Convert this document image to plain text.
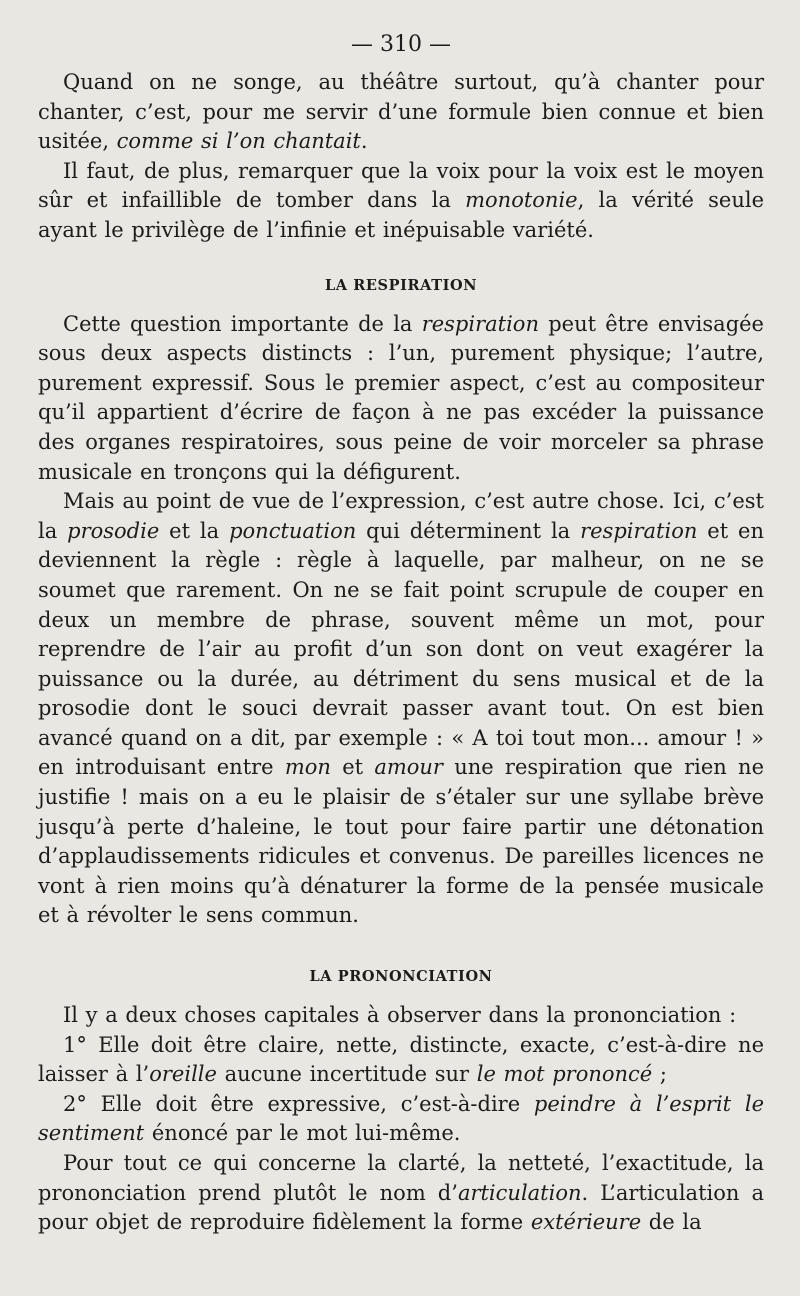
— 310 —

Quand on ne songe, au théâtre surtout, qu’à chanter pour chanter, c’est, pour me servir d’une formule bien connue et bien usitée, comme si l’on chantait.

Il faut, de plus, remarquer que la voix pour la voix est le moyen sûr et infaillible de tomber dans la monotonie, la vérité seule ayant le privilège de l’infinie et inépuisable variété.

LA RESPIRATION

Cette question importante de la respiration peut être envisagée sous deux aspects distincts : l’un, purement physique; l’autre, purement expressif. Sous le premier aspect, c’est au compositeur qu’il appartient d’écrire de façon à ne pas excéder la puissance des organes respiratoires, sous peine de voir morceler sa phrase musicale en tronçons qui la défigurent.

Mais au point de vue de l’expression, c’est autre chose. Ici, c’est la prosodie et la ponctuation qui déterminent la respiration et en deviennent la règle : règle à laquelle, par malheur, on ne se soumet que rarement. On ne se fait point scrupule de couper en deux un membre de phrase, souvent même un mot, pour reprendre de l’air au profit d’un son dont on veut exagérer la puissance ou la durée, au détriment du sens musical et de la prosodie dont le souci devrait passer avant tout. On est bien avancé quand on a dit, par exemple : « A toi tout mon... amour ! » en introduisant entre mon et amour une respiration que rien ne justifie ! mais on a eu le plaisir de s’étaler sur une syllabe brève jusqu’à perte d’haleine, le tout pour faire partir une détonation d’applaudissements ridicules et convenus. De pareilles licences ne vont à rien moins qu’à dénaturer la forme de la pensée musicale et à révolter le sens commun.

LA PRONONCIATION

Il y a deux choses capitales à observer dans la prononciation :

1° Elle doit être claire, nette, distincte, exacte, c’est-à-dire ne laisser à l’oreille aucune incertitude sur le mot prononcé ;

2° Elle doit être expressive, c’est-à-dire peindre à l’esprit le sentiment énoncé par le mot lui-même.

Pour tout ce qui concerne la clarté, la netteté, l’exactitude, la prononciation prend plutôt le nom d’articulation. L’articulation a pour objet de reproduire fidèlement la forme extérieure de la
